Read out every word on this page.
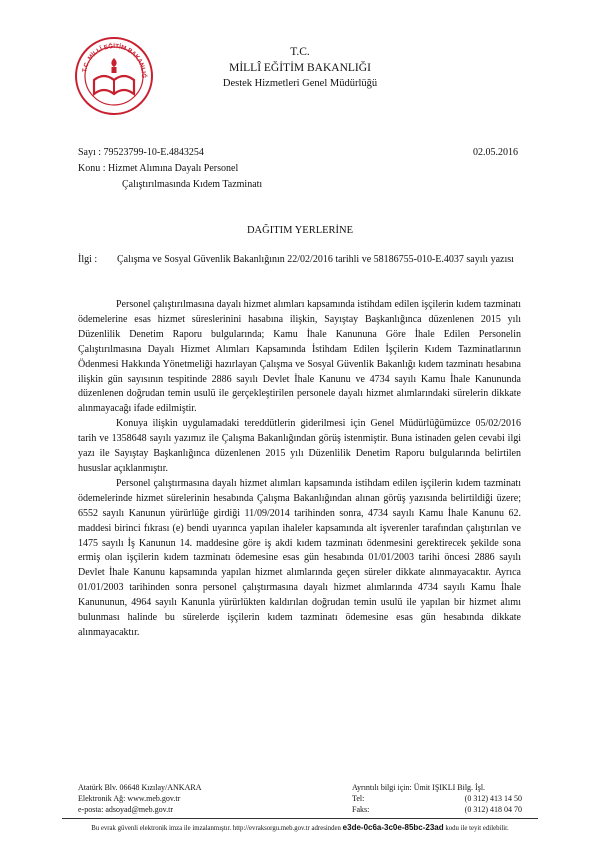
T.C. MİLLÎ EĞİTİM BAKANLIĞ
T.C.
MİLLÎ EĞİTİM BAKANLIĞI
Destek Hizmetleri Genel Müdürlüğü
Sayı : 79523799-10-E.4843254	02.05.2016
Konu : Hizmet Alımına Dayalı Personel
Çalıştırılmasında Kıdem Tazminatı
DAĞITIM YERLERİNE
İlgi : Çalışma ve Sosyal Güvenlik Bakanlığının 22/02/2016 tarihli ve 58186755-010-E.4037 sayılı yazısı

Personel çalıştırılmasına dayalı hizmet alımları kapsamında istihdam edilen işçilerin kıdem tazminatı ödemelerine esas hizmet süreslerinini hasabına ilişkin, Sayıştay Başkanlığınca düzenlenen 2015 yılı Düzenlilik Denetim Raporu bulgularında; Kamu İhale Kanununa Göre İhale Edilen Personelin Çalıştırılmasına Dayalı Hizmet Alımları Kapsamında İstihdam Edilen İşçilerin Kıdem Tazminatlarının Ödenmesi Hakkında Yönetmeliği hazırlayan Çalışma ve Sosyal Güvenlik Bakanlığı kıdem tazminatı hesabına ilişkin gün sayısının tespitinde 2886 sayılı Devlet İhale Kanunu ve 4734 sayılı Kamu İhale Kanununda düzenlenen doğrudan temin usulü ile gerçekleştirilen personele dayalı hizmet alımlarındaki sürelerin dikkate alınmayacağı ifade edilmiştir.

Konuya ilişkin uygulamadaki tereddütlerin giderilmesi için Genel Müdürlüğümüzce 05/02/2016 tarih ve 1358648 sayılı yazımız ile Çalışma Bakanlığından görüş istenmiştir. Buna istinaden gelen cevabi ilgi yazı ile Sayıştay Başkanlığınca düzenlenen 2015 yılı Düzenlilik Denetim Raporu bulgularında belirtilen hususlar açıklanmıştır.

Personel çalıştırmasına dayalı hizmet alımları kapsamında istihdam edilen işçilerin kıdem tazminatı ödemelerinde hizmet sürelerinin hesabında Çalışma Bakanlığından alınan görüş yazısında belirtildiği üzere; 6552 sayılı Kanunun yürürlüğe girdiği 11/09/2014 tarihinden sonra, 4734 sayılı Kamu İhale Kanunu 62. maddesi birinci fıkrası (e) bendi uyarınca yapılan ihaleler kapsamında alt işverenler tarafından çalıştırılan ve 1475 sayılı İş Kanunun 14. maddesine göre iş akdi kıdem tazminatı ödenmesini gerektirecek şekilde sona ermiş olan işçilerin kıdem tazminatı ödemesine esas gün hesabında 01/01/2003 tarihi öncesi 2886 sayılı Devlet İhale Kanunu kapsamında yapılan hizmet alımlarında geçen süreler dikkate alınmayacaktır. Ayrıca 01/01/2003 tarihinden sonra personel çalıştırmasına dayalı hizmet alımlarında 4734 sayılı Kamu İhale Kanununun, 4964 sayılı Kanunla yürürlükten kaldırılan doğrudan temin usulü ile yapılan bir hizmet alımı bulunması halinde bu sürelerde işçilerin kıdem tazminatı ödemesine esas gün hesabında dikkate alınmayacaktır.

Atatürk Blv. 06648 Kızılay/ANKARA
Elektronik Ağ: www.meb.gov.tr
e-posta: adsoyad@meb.gov.tr
Ayrıntılı bilgi için: Ümit IŞIKLI Bilg. İşl.
Tel:	(0 312) 413 14 50
Faks:	(0 312) 418 04 70
Bu evrak güvenli elektronik imza ile imzalanmıştır. http://evraksorgu.meb.gov.tr adresinden e3de-0c6a-3c0e-85bc-23ad kodu ile teyit edilebilir.
